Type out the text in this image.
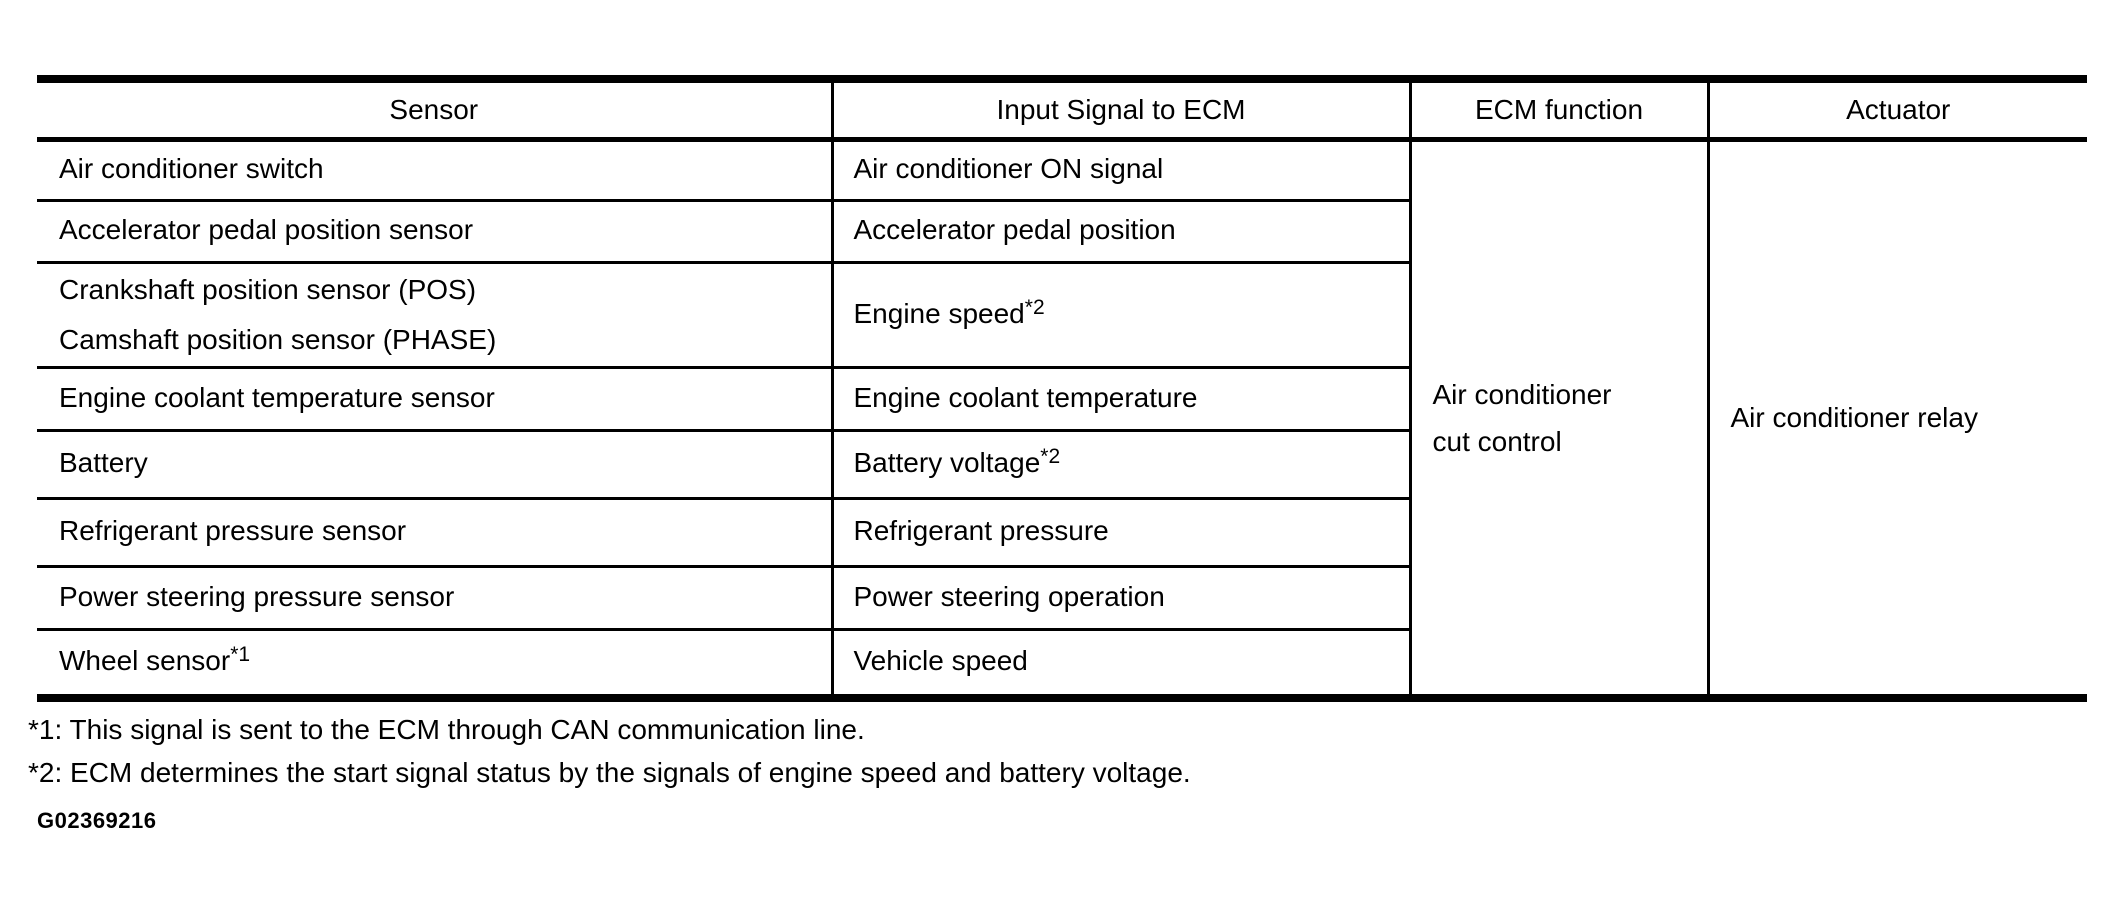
Sensor	Input Signal to ECM	ECM function	Actuator
Air conditioner switch	Air conditioner ON signal	Air conditioner cut control	Air conditioner relay

Accelerator pedal position sensor	Accelerator pedal position		
Crankshaft position sensor (POS)
Camshaft position sensor (PHASE)	Engine speed$^{*2}$
Engine coolant temperature sensor	Engine coolant temperature		
Battery	Battery voltage$^{*2}$
Refrigerant pressure sensor	Refrigerant pressure		
Power steering pressure sensor	Power steering operation		
Wheel sensor$^{*1}$	Vehicle speed		
*1: This signal is sent to the ECM through CAN communication line.
*2: ECM determines the start signal status by the signals of engine speed and battery voltage.
G02369216
